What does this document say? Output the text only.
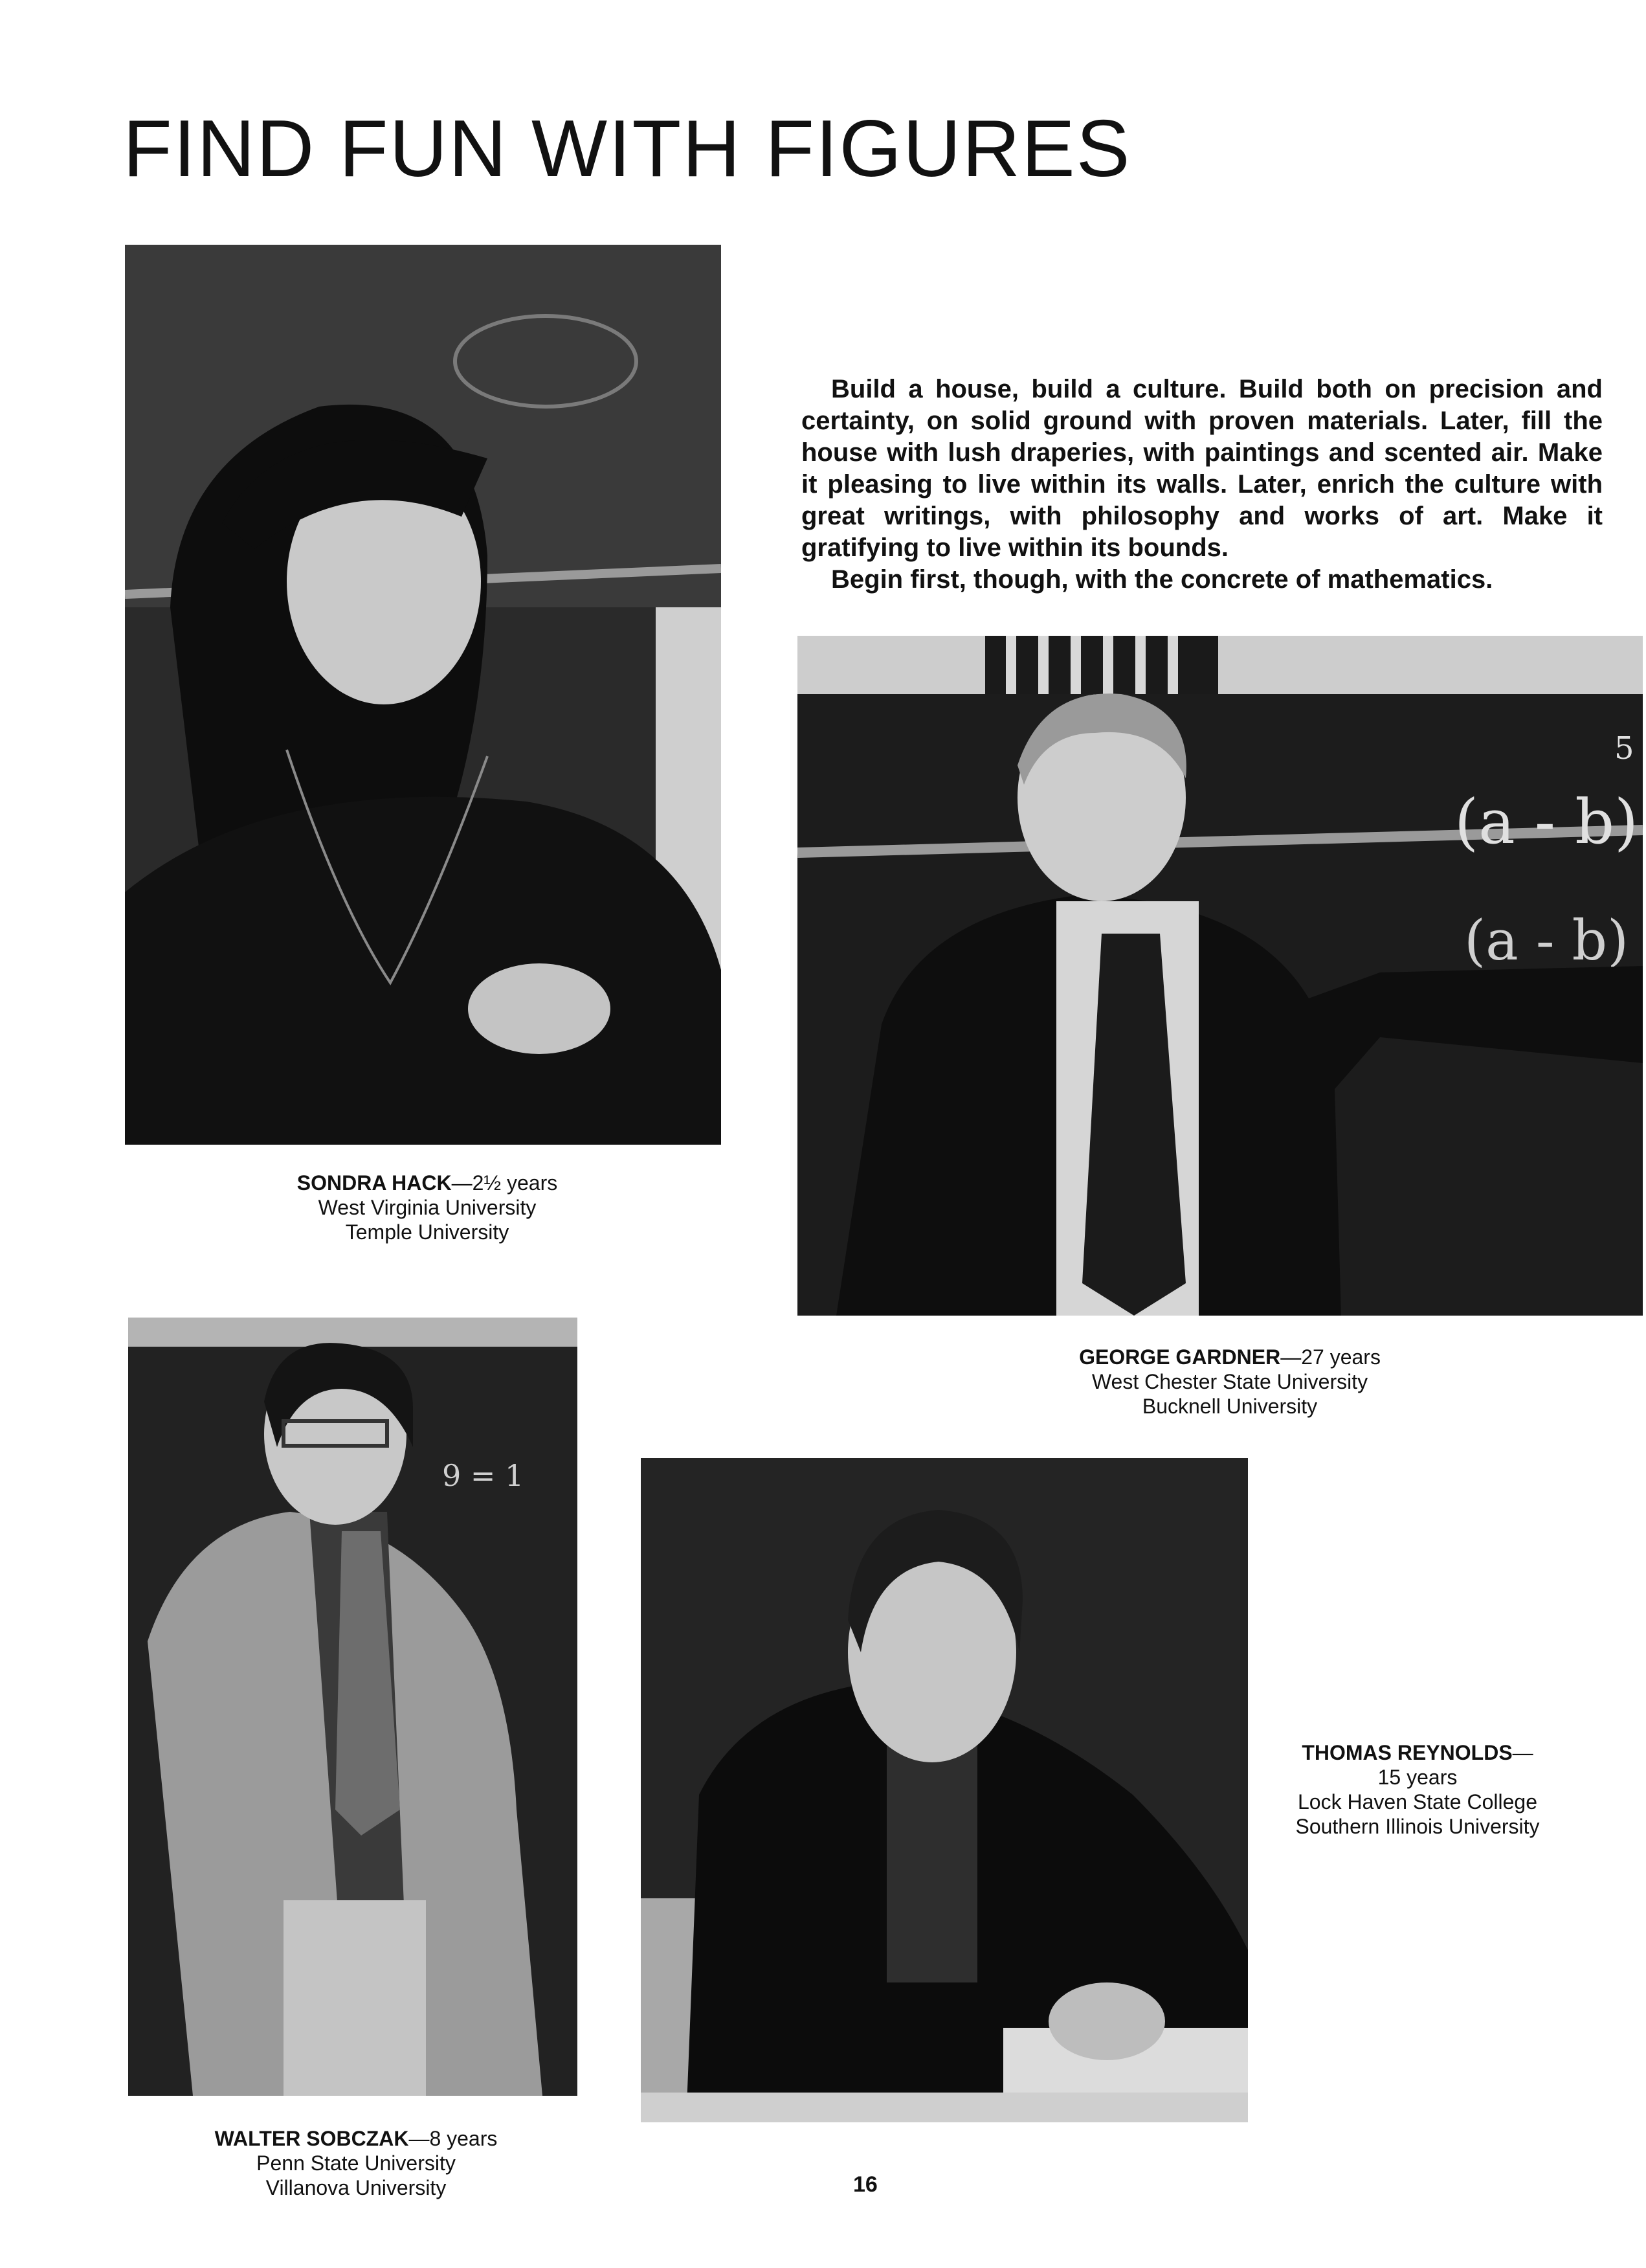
FIND FUN WITH FIGURES

Build a house, build a culture. Build both on precision and certainty, on solid ground with proven materials. Later, fill the house with lush draperies, with paintings and scented air. Make it pleasing to live within its walls. Later, enrich the culture with great writings, with philosophy and works of art. Make it gratifying to live within its bounds.

Begin first, though, with the concrete of mathematics.

(a - b)
5
(a - b)
SONDRA HACK—2½ years
West Virginia University
Temple University
GEORGE GARDNER—27 years
West Chester State University
Bucknell University
9 = 1
THOMAS REYNOLDS—
15 years
Lock Haven State College
Southern Illinois University
WALTER SOBCZAK—8 years
Penn State University
Villanova University	16
